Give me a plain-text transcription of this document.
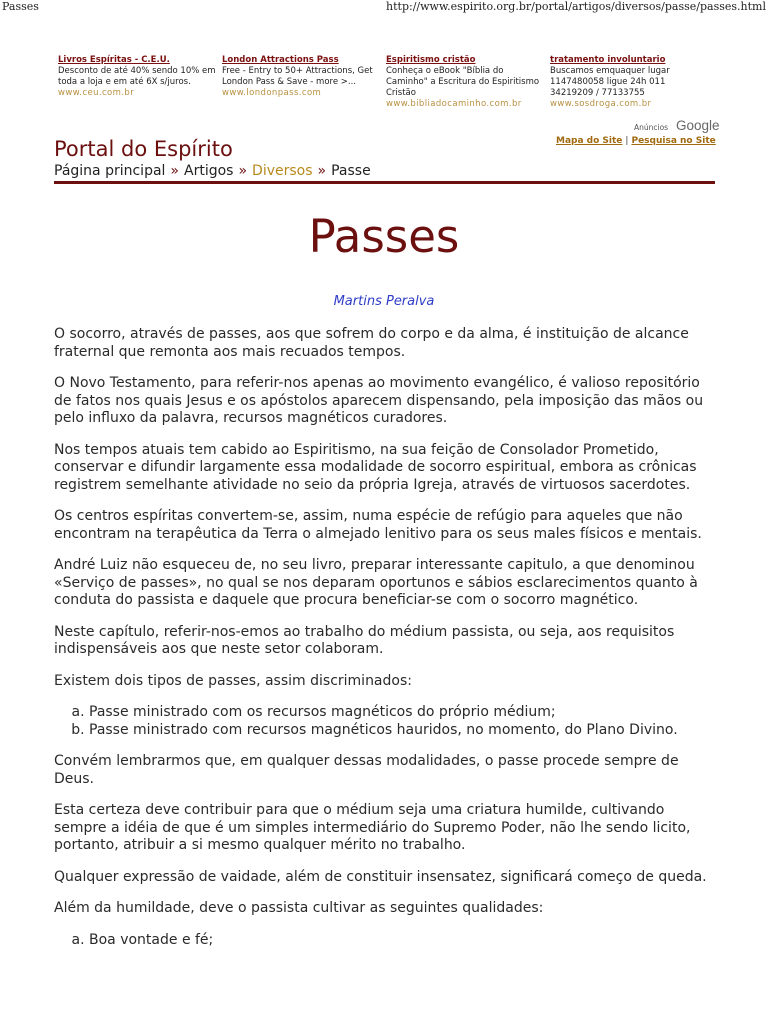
Passes	http://www.espirito.org.br/portal/artigos/diversos/passe/passes.html
Livros Espíritas - C.E.U.
Desconto de até 40% sendo 10% em toda a loja e em até 6X s/juros.
www.ceu.com.br
London Attractions Pass
Free - Entry to 50+ Attractions, Get London Pass & Save - more >...
www.londonpass.com
Espiritismo cristão
Conheça o eBook "Bíblia do Caminho" a Escritura do Espiritismo Cristão
www.bibliadocaminho.com.br
tratamento involuntario
Buscamos emquaquer lugar 1147480058 ligue 24h 011 34219209 / 77133755
www.sosdroga.com.br
Anúncios Google
Mapa do Site | Pesquisa no Site
Portal do Espírito
Página principal » Artigos » Diversos » Passe
Passes
Martins Peralva

O socorro, através de passes, aos que sofrem do corpo e da alma, é instituição de alcance fraternal que remonta aos mais recuados tempos.

O Novo Testamento, para referir-nos apenas ao movimento evangélico, é valioso repositório de fatos nos quais Jesus e os apóstolos aparecem dispensando, pela imposição das mãos ou pelo influxo da palavra, recursos magnéticos curadores.

Nos tempos atuais tem cabido ao Espiritismo, na sua feição de Consolador Prometido, conservar e difundir largamente essa modalidade de socorro espiritual, embora as crônicas registrem semelhante atividade no seio da própria Igreja, através de virtuosos sacerdotes.

Os centros espíritas convertem-se, assim, numa espécie de refúgio para aqueles que não encontram na terapêutica da Terra o almejado lenitivo para os seus males físicos e mentais.

André Luiz não esqueceu de, no seu livro, preparar interessante capitulo, a que denominou «Serviço de passes», no qual se nos deparam oportunos e sábios esclarecimentos quanto à conduta do passista e daquele que procura beneficiar-se com o socorro magnético.

Neste capítulo, referir-nos-emos ao trabalho do médium passista, ou seja, aos requisitos indispensáveis aos que neste setor colaboram.

Existem dois tipos de passes, assim discriminados:

a. Passe ministrado com os recursos magnéticos do próprio médium;
b. Passe ministrado com recursos magnéticos hauridos, no momento, do Plano Divino.

Convém lembrarmos que, em qualquer dessas modalidades, o passe procede sempre de Deus.

Esta certeza deve contribuir para que o médium seja uma criatura humilde, cultivando sempre a idéia de que é um simples intermediário do Supremo Poder, não lhe sendo licito, portanto, atribuir a si mesmo qualquer mérito no trabalho.

Qualquer expressão de vaidade, além de constituir insensatez, significará começo de queda.

Além da humildade, deve o passista cultivar as seguintes qualidades:

a. Boa vontade e fé;
